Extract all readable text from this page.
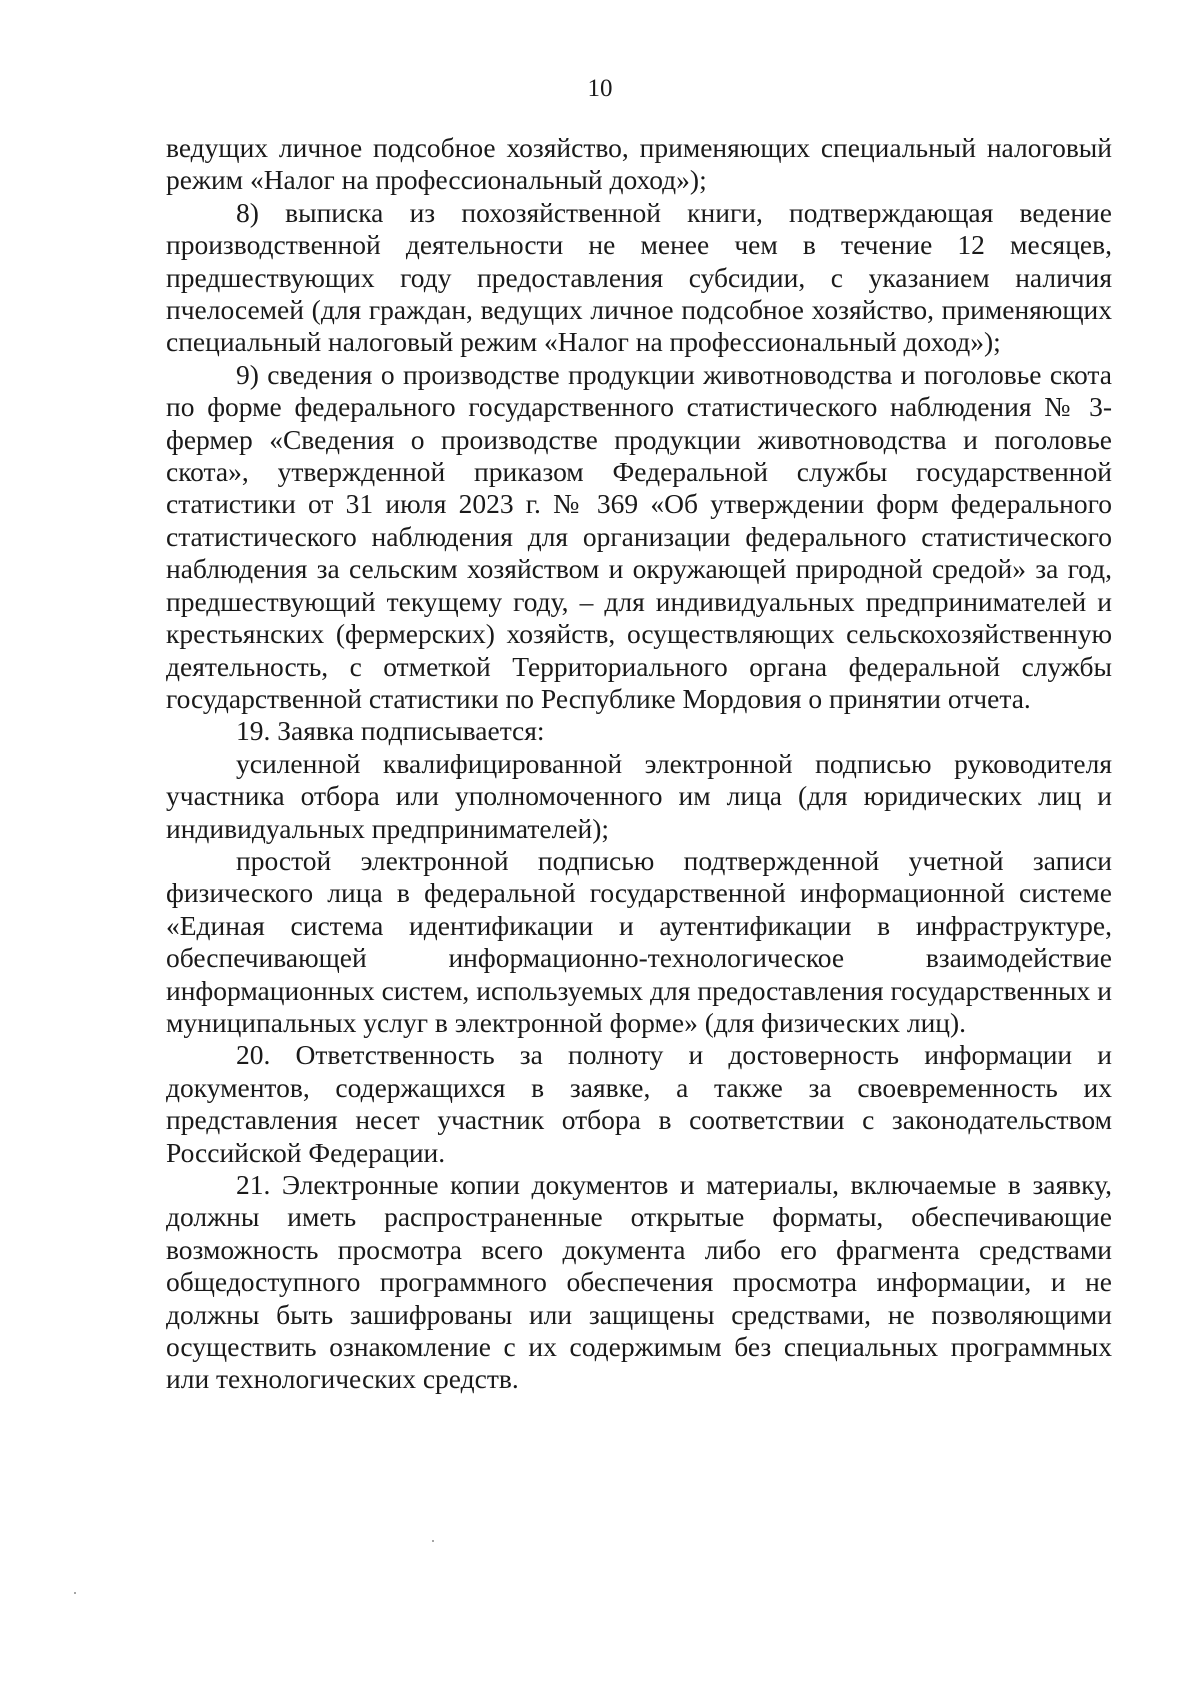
10

ведущих личное подсобное хозяйство, применяющих специальный налоговый режим «Налог на профессиональный доход»);

8) выписка из похозяйственной книги, подтверждающая ведение производственной деятельности не менее чем в течение 12 месяцев, предшествующих году предоставления субсидии, с указанием наличия пчелосемей (для граждан, ведущих личное подсобное хозяйство, применяющих специальный налоговый режим «Налог на профессиональный доход»);

9) сведения о производстве продукции животноводства и поголовье скота по форме федерального государственного статистического наблюдения № 3-фермер «Сведения о производстве продукции животноводства и поголовье скота», утвержденной приказом Федеральной службы государственной статистики от 31 июля 2023 г. № 369 «Об утверждении форм федерального статистического наблюдения для организации федерального статистического наблюдения за сельским хозяйством и окружающей природной средой» за год, предшествующий текущему году, – для индивидуальных предпринимателей и крестьянских (фермерских) хозяйств, осуществляющих сельскохозяйственную деятельность, с отметкой Территориального органа федеральной службы государственной статистики по Республике Мордовия о принятии отчета.

19. Заявка подписывается:

усиленной квалифицированной электронной подписью руководителя участника отбора или уполномоченного им лица (для юридических лиц и индивидуальных предпринимателей);

простой электронной подписью подтвержденной учетной записи физического лица в федеральной государственной информационной системе «Единая система идентификации и аутентификации в инфраструктуре, обеспечивающей информационно-технологическое взаимодействие информационных систем, используемых для предоставления государственных и муниципальных услуг в электронной форме» (для физических лиц).

20. Ответственность за полноту и достоверность информации и документов, содержащихся в заявке, а также за своевременность их представления несет участник отбора в соответствии с законодательством Российской Федерации.

21. Электронные копии документов и материалы, включаемые в заявку, должны иметь распространенные открытые форматы, обеспечивающие возможность просмотра всего документа либо его фрагмента средствами общедоступного программного обеспечения просмотра информации, и не должны быть зашифрованы или защищены средствами, не позволяющими осуществить ознакомление с их содержимым без специальных программных или технологических средств.
